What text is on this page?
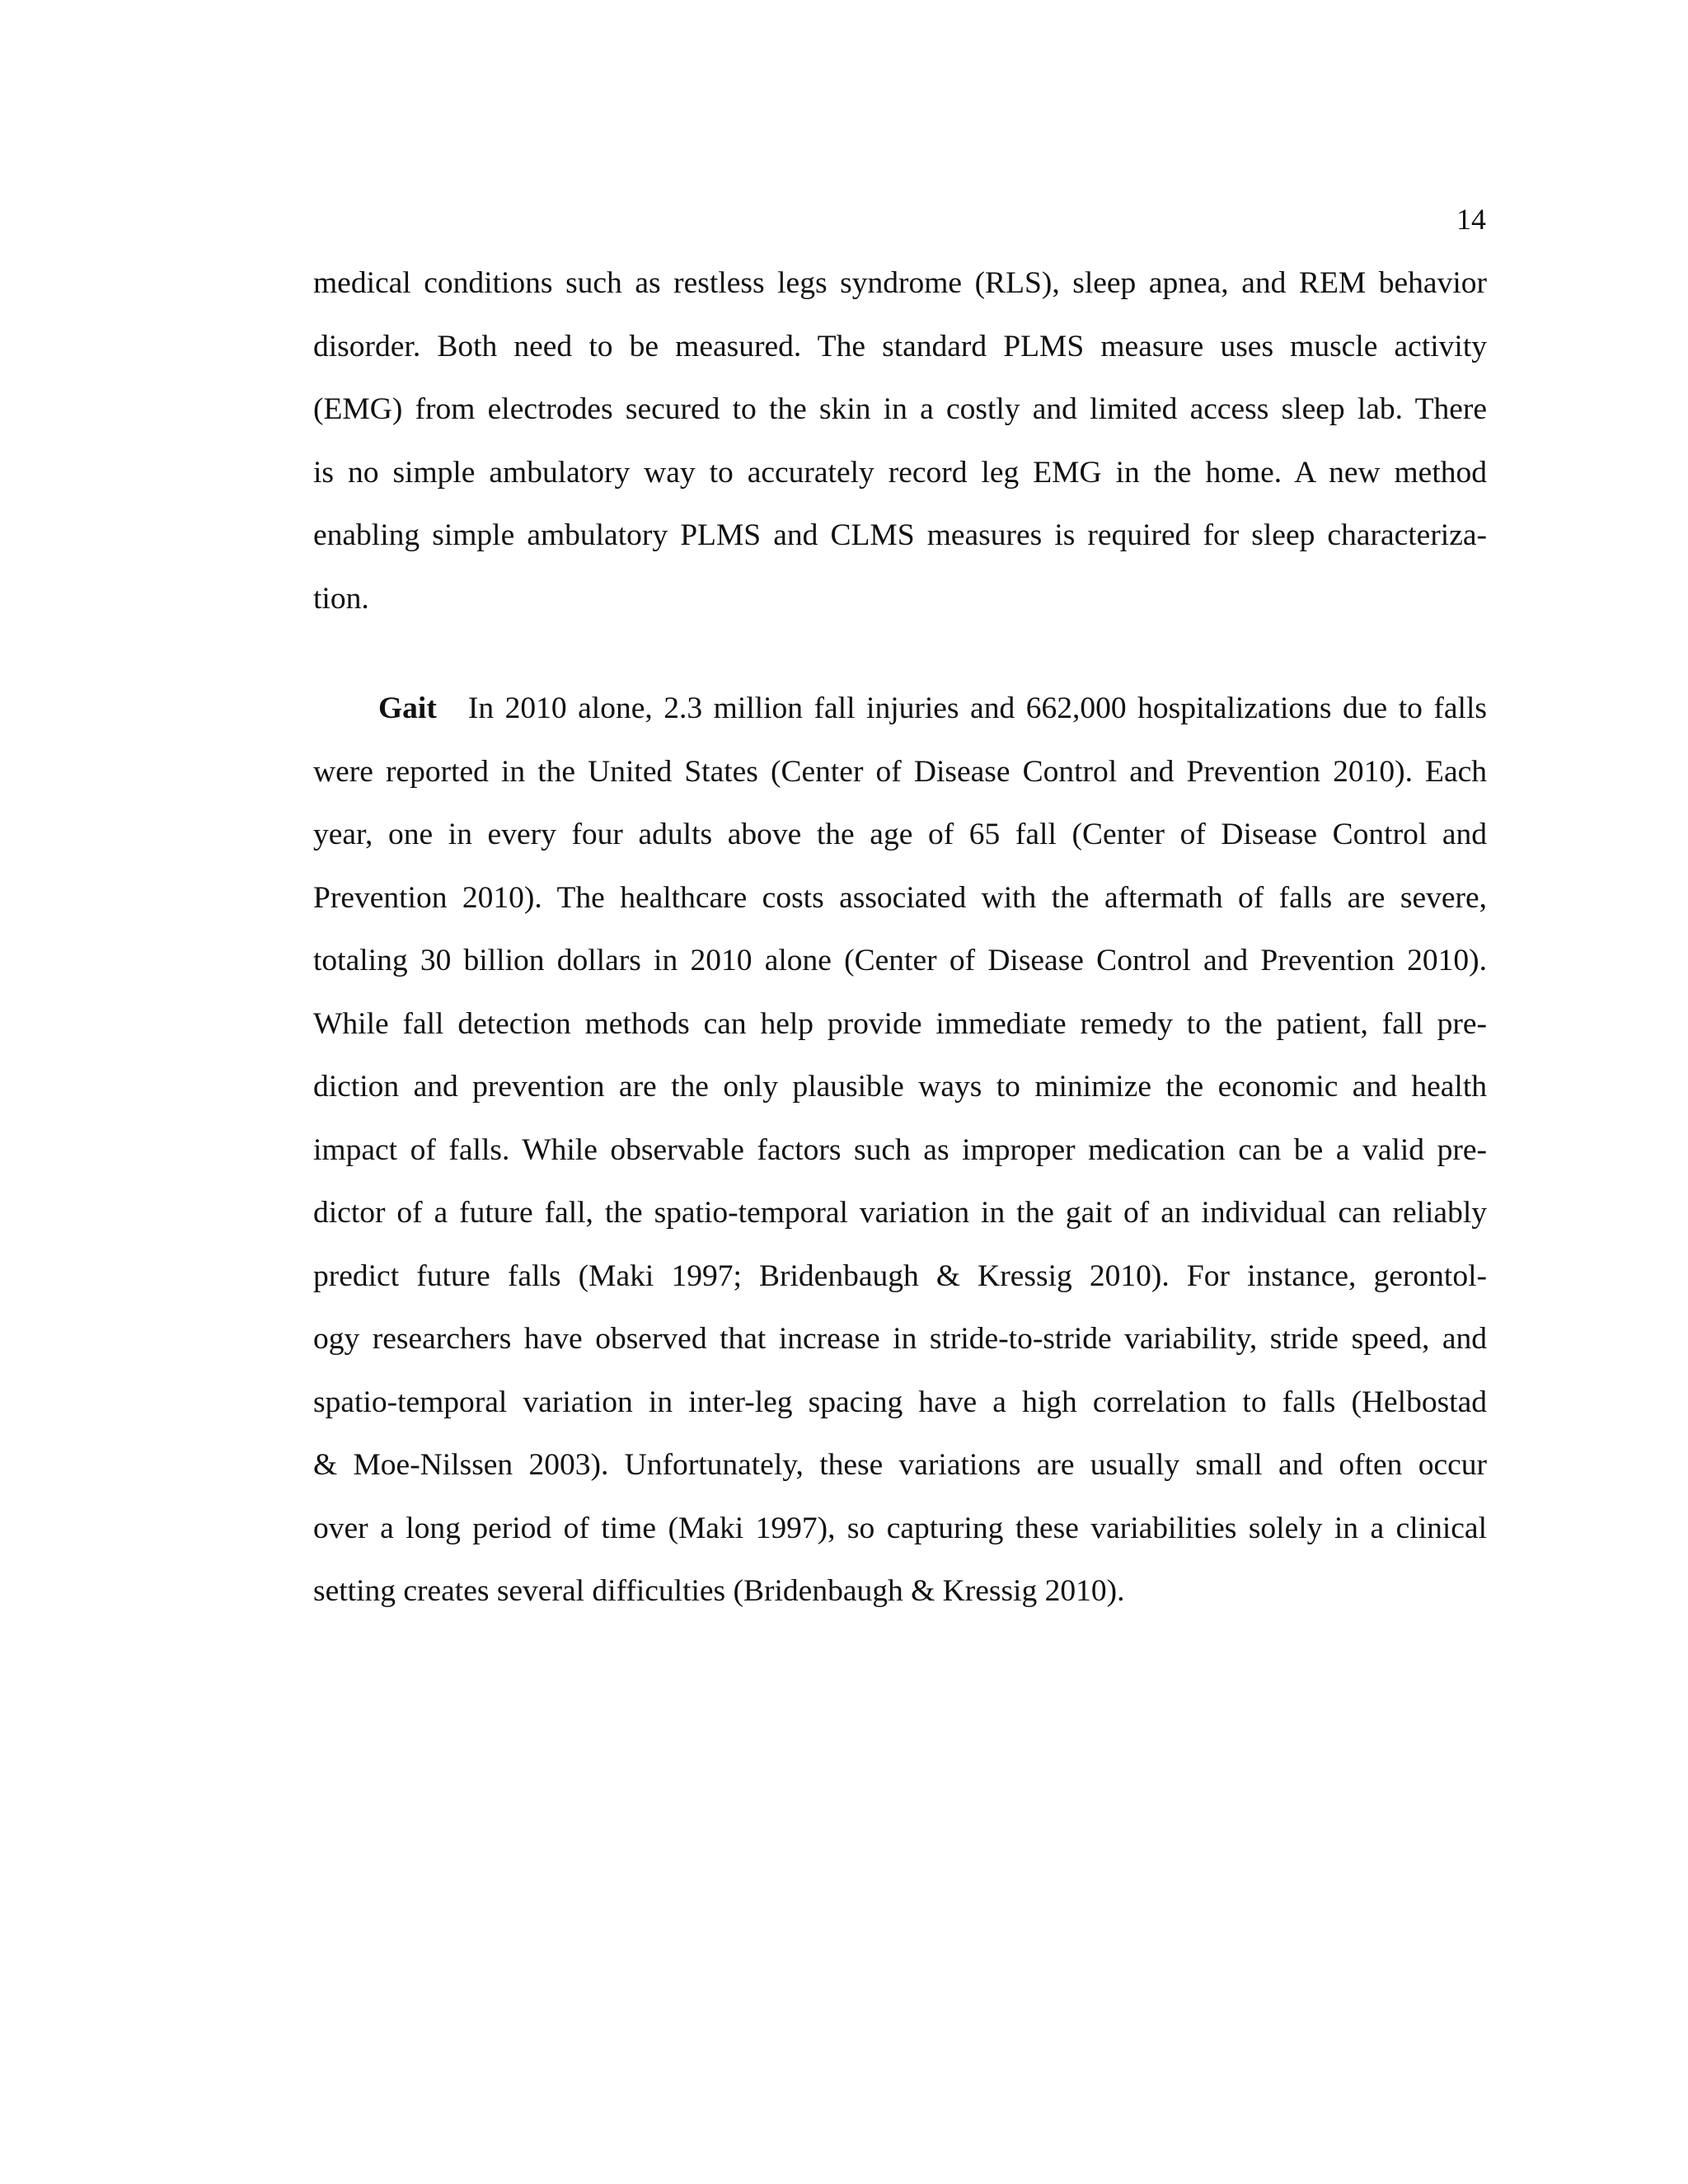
14
medical conditions such as restless legs syndrome (RLS), sleep apnea, and REM behavior
disorder. Both need to be measured. The standard PLMS measure uses muscle activity
(EMG) from electrodes secured to the skin in a costly and limited access sleep lab. There
is no simple ambulatory way to accurately record leg EMG in the home. A new method
enabling simple ambulatory PLMS and CLMS measures is required for sleep characteriza-
tion.
Gait In 2010 alone, 2.3 million fall injuries and 662,000 hospitalizations due to falls
were reported in the United States (Center of Disease Control and Prevention 2010). Each
year, one in every four adults above the age of 65 fall (Center of Disease Control and
Prevention 2010). The healthcare costs associated with the aftermath of falls are severe,
totaling 30 billion dollars in 2010 alone (Center of Disease Control and Prevention 2010).
While fall detection methods can help provide immediate remedy to the patient, fall pre-
diction and prevention are the only plausible ways to minimize the economic and health
impact of falls. While observable factors such as improper medication can be a valid pre-
dictor of a future fall, the spatio-temporal variation in the gait of an individual can reliably
predict future falls (Maki 1997; Bridenbaugh & Kressig 2010). For instance, gerontol-
ogy researchers have observed that increase in stride-to-stride variability, stride speed, and
spatio-temporal variation in inter-leg spacing have a high correlation to falls (Helbostad
& Moe-Nilssen 2003). Unfortunately, these variations are usually small and often occur
over a long period of time (Maki 1997), so capturing these variabilities solely in a clinical
setting creates several difficulties (Bridenbaugh & Kressig 2010).
